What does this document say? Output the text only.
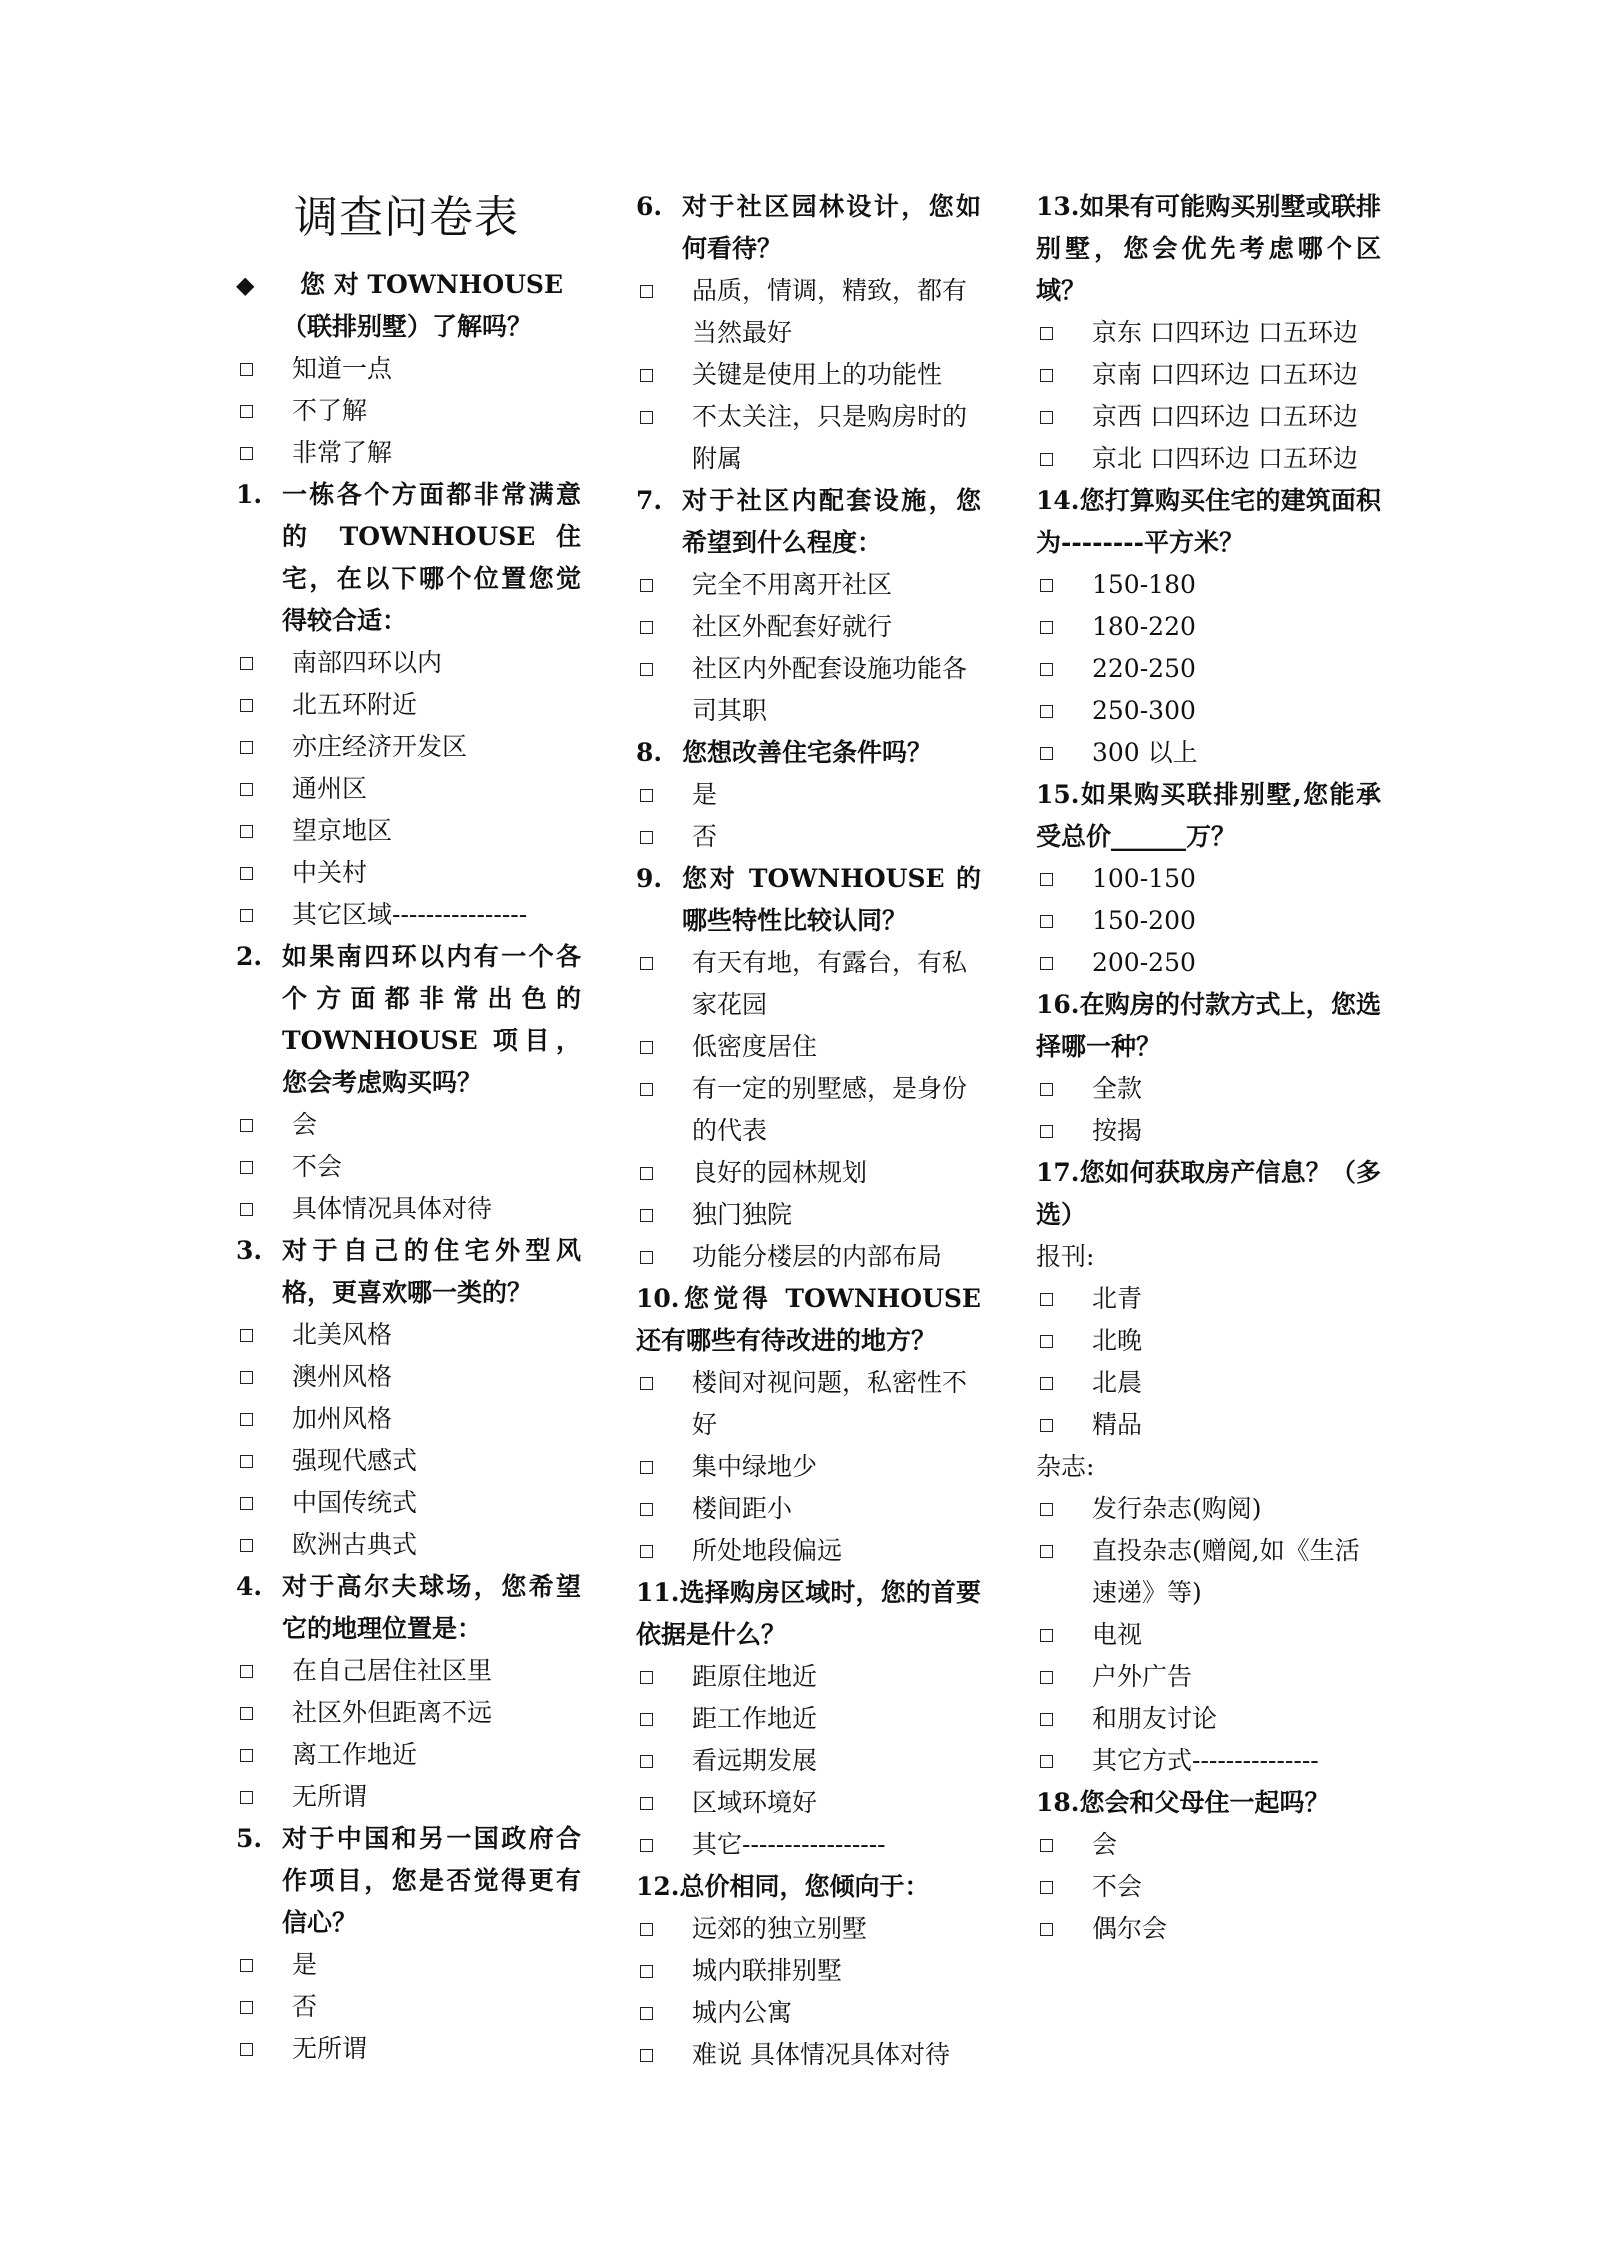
调查问卷表
◆	您 对 TOWNHOUSE （联排别墅）了解吗？
知道一点
不了解
非常了解
1. 一栋各个方面都非常满意的 TOWNHOUSE 住宅，在以下哪个位置您觉得较合适：
南部四环以内
北五环附近
亦庄经济开发区
通州区
望京地区
中关村
其它区域----------------
2. 如果南四环以内有一个各个方面都非常出色的 TOWNHOUSE 项目，您会考虑购买吗？
会
不会
具体情况具体对待
3. 对于自己的住宅外型风格，更喜欢哪一类的？
北美风格
澳州风格
加州风格
强现代感式
中国传统式
欧洲古典式
4. 对于高尔夫球场，您希望它的地理位置是：
在自己居住社区里
社区外但距离不远
离工作地近
无所谓
5. 对于中国和另一国政府合作项目，您是否觉得更有信心？
是
否
无所谓
6. 对于社区园林设计，您如何看待？
品质，情调，精致，都有当然最好
关键是使用上的功能性
不太关注，只是购房时的附属
7. 对于社区内配套设施，您希望到什么程度：
完全不用离开社区
社区外配套好就行
社区内外配套设施功能各司其职
8. 您想改善住宅条件吗？
是
否
9. 您对 TOWNHOUSE 的哪些特性比较认同？
有天有地，有露台，有私家花园
低密度居住
有一定的别墅感，是身份的代表
良好的园林规划
独门独院
功能分楼层的内部布局
10.您觉得 TOWNHOUSE 还有哪些有待改进的地方？
楼间对视问题，私密性不好
集中绿地少
楼间距小
所处地段偏远
11.选择购房区域时，您的首要依据是什么？
距原住地近
距工作地近
看远期发展
区域环境好
其它-----------------
12.总价相同，您倾向于：
远郊的独立别墅
城内联排别墅
城内公寓
难说 具体情况具体对待
13.如果有可能购买别墅或联排别墅，您会优先考虑哪个区域？
京东 口四环边 口五环边
京南 口四环边 口五环边
京西 口四环边 口五环边
京北 口四环边 口五环边
14.您打算购买住宅的建筑面积为--------平方米？
150-180
180-220
220-250
250-300
300 以上
15.如果购买联排别墅,您能承受总价______万？
100-150
150-200
200-250
16.在购房的付款方式上，您选择哪一种？
全款
按揭
17.您如何获取房产信息？（多选）
报刊:
北青
北晚
北晨
精品
杂志:
发行杂志(购阅)
直投杂志(赠阅,如《生活速递》等)
电视
户外广告
和朋友讨论
其它方式---------------
18.您会和父母住一起吗？
会
不会
偶尔会
